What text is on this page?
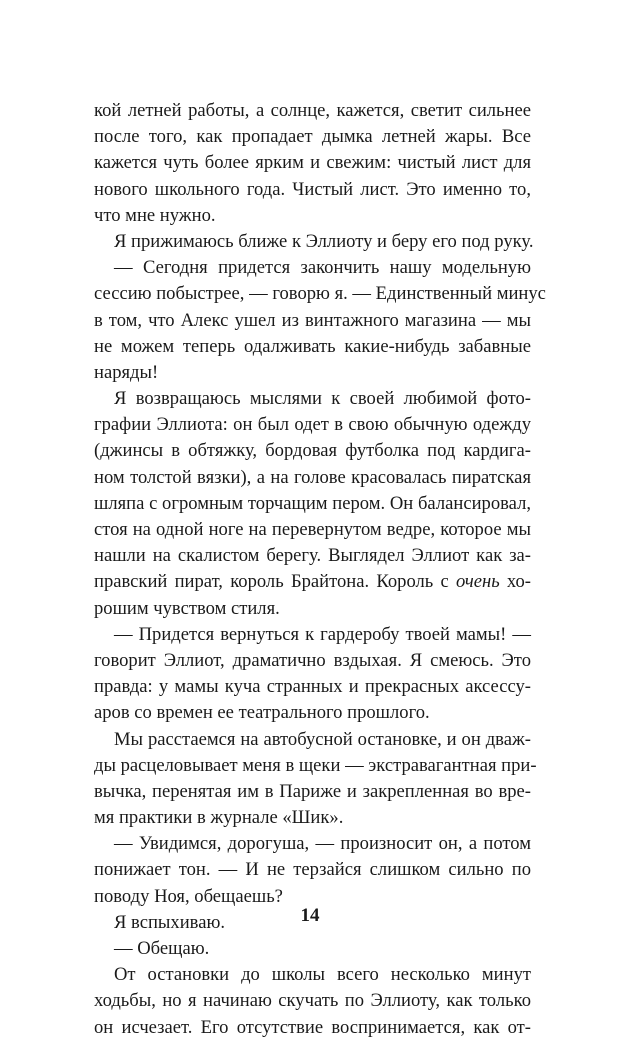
кой летней работы, а солнце, кажется, светит сильнее
после того, как пропадает дымка летней жары. Все
кажется чуть более ярким и свежим: чистый лист для
нового школьного года. Чистый лист. Это именно то,
что мне нужно.
Я прижимаюсь ближе к Эллиоту и беру его под руку.
— Сегодня придется закончить нашу модельную
сессию побыстрее, — говорю я. — Единственный минус
в том, что Алекс ушел из винтажного магазина — мы
не можем теперь одалживать какие-нибудь забавные
наряды!
Я возвращаюсь мыслями к своей любимой фото-
графии Эллиота: он был одет в свою обычную одежду
(джинсы в обтяжку, бордовая футболка под кардига-
ном толстой вязки), а на голове красовалась пиратская
шляпа с огромным торчащим пером. Он балансировал,
стоя на одной ноге на перевернутом ведре, которое мы
нашли на скалистом берегу. Выглядел Эллиот как за-
правский пират, король Брайтона. Король с очень хо-
рошим чувством стиля.
— Придется вернуться к гардеробу твоей мамы! —
говорит Эллиот, драматично вздыхая. Я смеюсь. Это
правда: у мамы куча странных и прекрасных аксессу-
аров со времен ее театрального прошлого.
Мы расстаемся на автобусной остановке, и он дваж-
ды расцеловывает меня в щеки — экстравагантная при-
вычка, перенятая им в Париже и закрепленная во вре-
мя практики в журнале «Шик».
— Увидимся, дорогуша, — произносит он, а потом
понижает тон. — И не терзайся слишком сильно по
поводу Ноя, обещаешь?
Я вспыхиваю.
— Обещаю.
От остановки до школы всего несколько минут
ходьбы, но я начинаю скучать по Эллиоту, как только
он исчезает. Его отсутствие воспринимается, как от-
14
